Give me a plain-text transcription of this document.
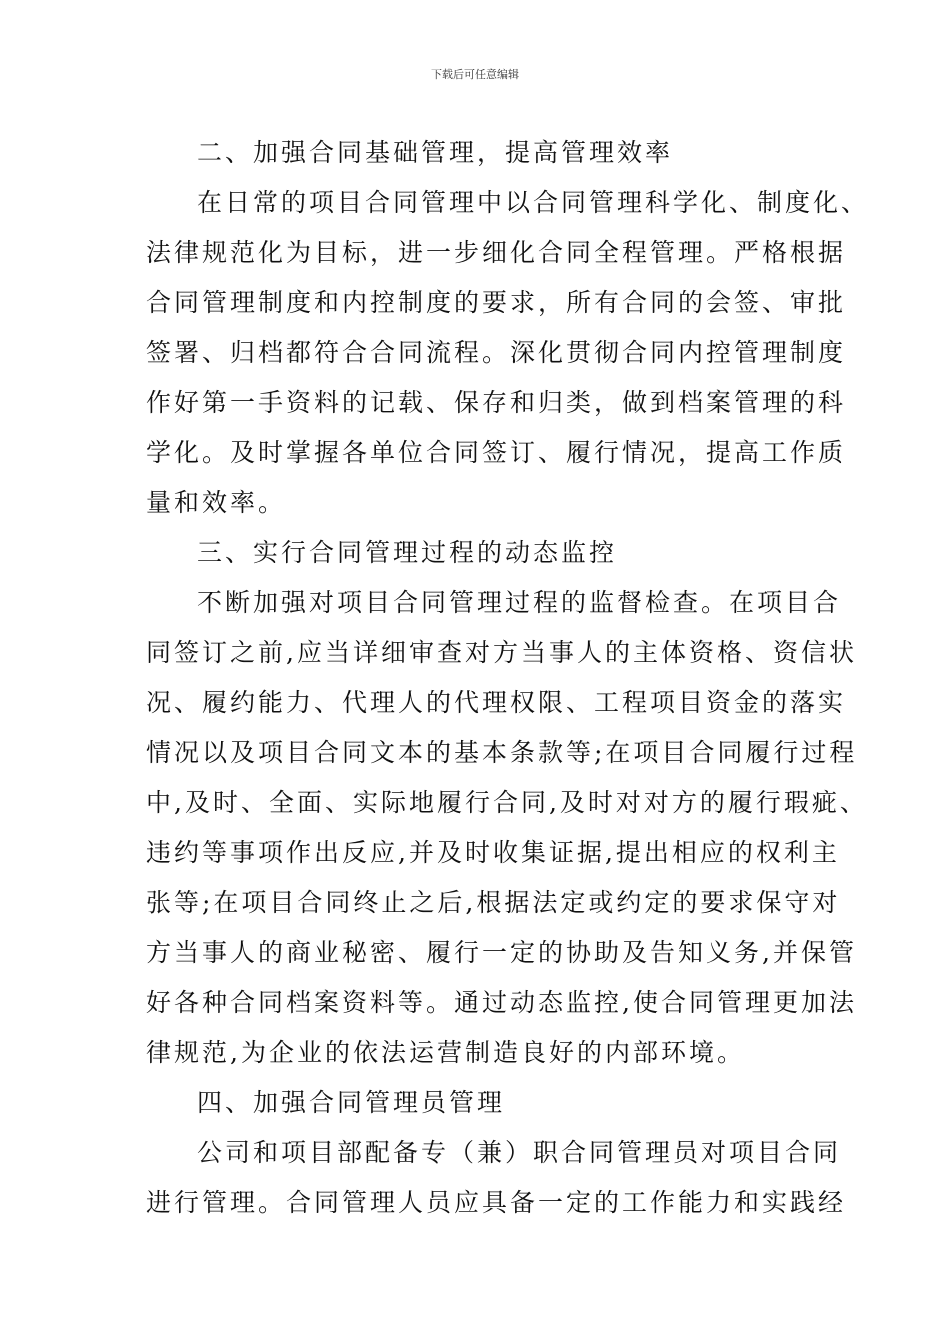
下载后可任意编辑
二、加强合同基础管理，提高管理效率
在日常的项目合同管理中以合同管理科学化、制度化、
法律规范化为目标，进一步细化合同全程管理。严格根据
合同管理制度和内控制度的要求，所有合同的会签、审批
签署、归档都符合合同流程。深化贯彻合同内控管理制度
作好第一手资料的记载、保存和归类，做到档案管理的科
学化。及时掌握各单位合同签订、履行情况，提高工作质
量和效率。
三、实行合同管理过程的动态监控
不断加强对项目合同管理过程的监督检查。在项目合
同签订之前,应当详细审查对方当事人的主体资格、资信状
况、履约能力、代理人的代理权限、工程项目资金的落实
情况以及项目合同文本的基本条款等;在项目合同履行过程
中,及时、全面、实际地履行合同,及时对对方的履行瑕疵、
违约等事项作出反应,并及时收集证据,提出相应的权利主
张等;在项目合同终止之后,根据法定或约定的要求保守对
方当事人的商业秘密、履行一定的协助及告知义务,并保管
好各种合同档案资料等。通过动态监控,使合同管理更加法
律规范,为企业的依法运营制造良好的内部环境。
四、加强合同管理员管理
公司和项目部配备专（兼）职合同管理员对项目合同
进行管理。合同管理人员应具备一定的工作能力和实践经
